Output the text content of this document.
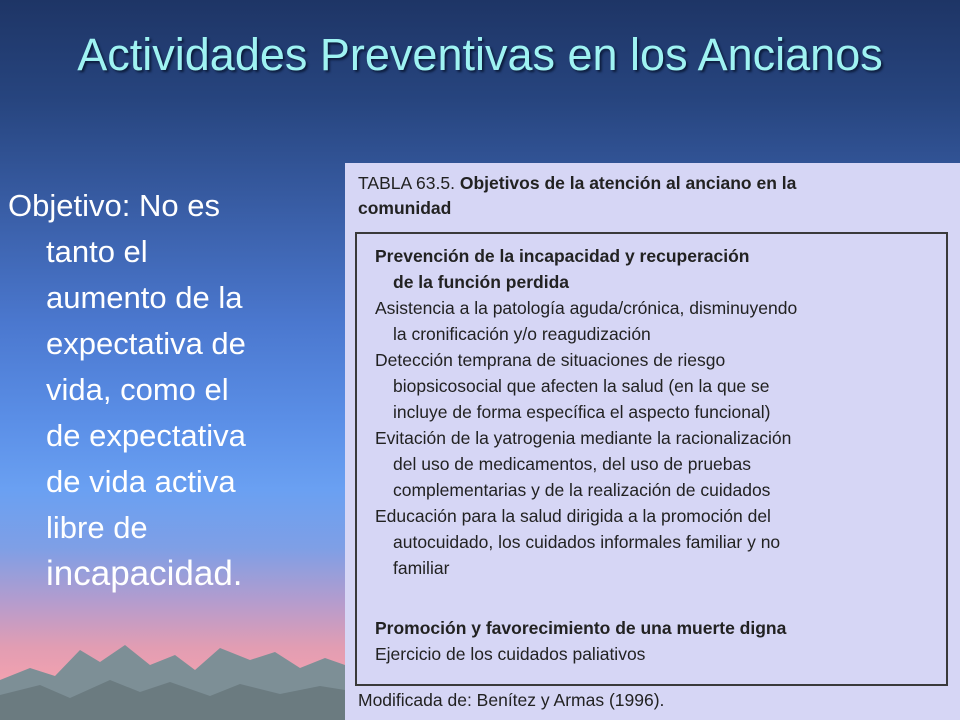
Actividades Preventivas en los Ancianos
Objetivo: No es
tanto el
aumento de la
expectativa de
vida, como el
de expectativa
de vida activa
libre de
incapacidad.
TABLA 63.5. Objetivos de la atención al anciano en la
comunidad
Prevención de la incapacidad y recuperación
de la función perdida
Asistencia a la patología aguda/crónica, disminuyendo
la cronificación y/o reagudización
Detección temprana de situaciones de riesgo
biopsicosocial que afecten la salud (en la que se
incluye de forma específica el aspecto funcional)
Evitación de la yatrogenia mediante la racionalización
del uso de medicamentos, del uso de pruebas
complementarias y de la realización de cuidados
Educación para la salud dirigida a la promoción del
autocuidado, los cuidados informales familiar y no
familiar
Promoción y favorecimiento de una muerte digna
Ejercicio de los cuidados paliativos
Modificada de: Benítez y Armas (1996).
